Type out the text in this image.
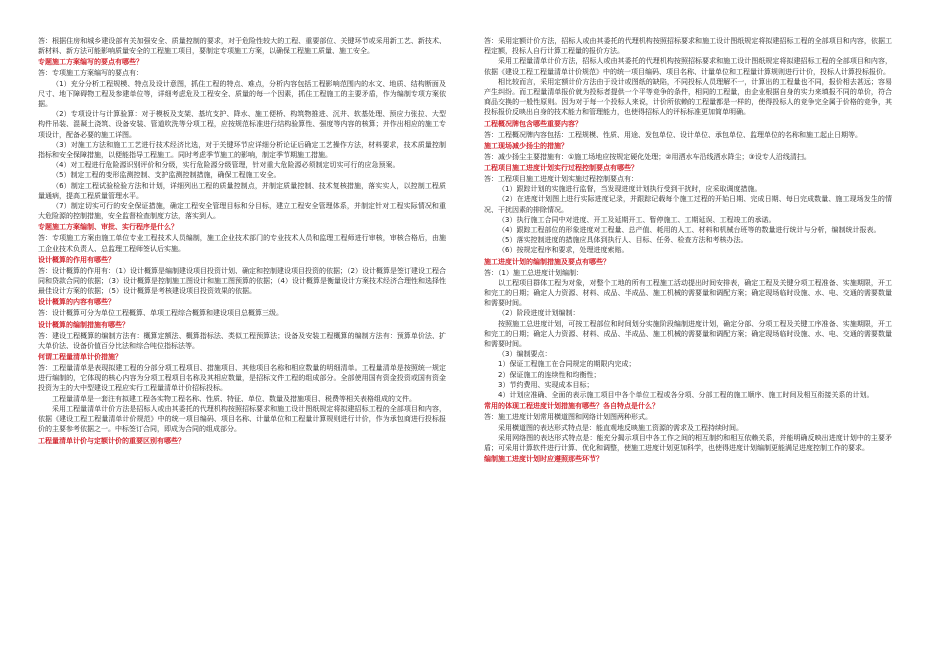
答：根据住房和城乡建设部有关加强安全、质量控制的要求，对于危险性较大的工程、重要部位、关键环节或采用新工艺、新技术、新材料、新方法可能影响质量安全的工程施工项目，要制定专项施工方案，以确保工程施工质量、施工安全。

专题施工方案编写的要点有哪些？

答：专项施工方案编写的要点有：

（1）充分分析工程规模、特点及设计意图，抓住工程的特点、难点，分析内容包括工程影响范围内的水文、地质、结构断面及尺寸、地下障碍物工程及参建单位等，详细考虑危及工程安全、质量的每一个因素，抓住工程施工的主要矛盾，作为编制专项方案依据。

（2）专项设计与计算验算：对于模板及支架、基坑支护、降水、施工便桥、构筑物推进、沉井、软基处理、预应力张拉、大型构件吊装、混凝土浇筑、设备安装、管道吹洗等分项工程，应按规范标准进行结构验算性、强度等内容的核算；并作出相应的施工专项设计，配备必要的施工详图。

（3）对施工方法和施工工艺进行技术经济比选，对于关键环节应详细分析论证后确定工艺操作方法，材料要求，技术质量控制指标和安全保障措施，以便能指导工程施工。同时考虑季节施工的影响，制定季节期施工措施。

（4）对工程进行危险源识别评价和分级，实行危险源分级管理，针对重大危险源必须制定切实可行的应急预案。

（5）制定工程的变形监测控制、支护监测控制措施，确保工程施工安全。

（6）制定工程试验检验方法和计划，详细列出工程的质量控制点，并制定质量控制、技术复核措施，落实实人，以控制工程质量通病，提高工程质量管理水平。

（7）制定切实可行的安全保证措施，确定工程安全管理目标和分目标，建立工程安全管理体系，并制定针对工程实际情况和重大危险源的控制措施，安全监督检查制度方法，落实到人。

专题施工方案编制、审批、实行程序是什么？

答：专项施工方案由施工单位专业工程技术人员编制，施工企业技术部门的专业技术人员和监理工程师进行审核，审核合格后，由施工企业技术负责人、总监理工程师签认后实施。

设计概算的作用有哪些？

答：设计概算的作用有：（1）设计概算是编制建设项目投资计划、确定和控制建设项目投资的依据；（2）设计概算是签订建设工程合同和贷款合同的依据；（3）设计概算是控制施工图设计和施工图预算的依据；（4）设计概算是衡量设计方案技术经济合理性和选择性最佳设计方案的依据；（5）设计概算是考核建设项目投资效果的依据。

设计概算的内容有哪些？

答：设计概算可分为单位工程概算、单项工程综合概算和建设项目总概算三级。

设计概算的编制措施有哪些？

答：建设工程概算的编制方法有：概算定额法、概算指标法、类似工程预算法；设备及安装工程概算的编制方法有：预算单价法、扩大单价法、设备价值百分比法和综合吨位指标法等。

何谓工程量清单计价措施？

答：工程量清单是表现拟建工程的分部分项工程项目、措施项目、其他项目名称和相应数量的明细清单。工程量清单是按照统一规定进行编制的，它体现的核心内容为分项工程项目名称及其相应数量，是招标文件工程的组成部分。全部使用国有资金投资或国有资金投资为主的大中型建设工程应实行工程量清单计价招标投标。

工程量清单是一套注有拟建工程各实物工程名称、性质、特征、单位、数量及措施项目、税费等相关表格组成的文件。

采用工程量清单计价方法是招标人或由其委托的代理机构按照招标要求和施工设计图纸规定将拟建招标工程的全部项目和内容，依据《建设工程工程量清单计价规范》中的统一项目编码、项目名称、计量单位和工程量计算规则进行计价，作为承包商进行投标报价的主要参考依据之一。中标签订合同，即成为合同的组成部分。

工程量清单计价与定额计价的重要区别有哪些？

答：采用定额计价方法，招标人或由其委托的代理机构按照招标要求和施工设计图纸规定将拟建招标工程的全部项目和内容，依据工程定额，投标人自行计算工程量的报价方法。

采用工程量清单计价方法，招标人或由其委托的代理机构按照招标要求和施工设计图纸规定将拟建招标工程的全部项目和内容，依据《建设工程工程量清单计价规范》中的统一项目编码、项目名称、计量单位和工程量计算规则进行计价，投标人计算投标报价。

相比较而言，采用定额计价方法由于设计或图纸的缺陷，不同投标人员理解不一，计算出的工程量也不同，报价相去甚远；容易产生纠纷。而工程量清单报价就为投标者提供一个平等竞争的条件，相同的工程量，由企业根据自身的实力来填报不同的单价，符合商品交换的一般性原则。因为对于每一个投标人来说，计价所依赖的工程量都是一样的，使得投标人的竞争完全属于价格的竞争，其投标报价反映出自身的技术能力和管理能力，也使得招标人的评标标准更加简单明确。

工程概况牌包含哪些重要内容？

答：工程概况牌内容包括：工程规模、性质、用途、发包单位、设计单位、承包单位、监理单位的名称和施工起止日期等。

施工现场减少扬尘的措施？

答：减少扬尘主要措施有：①施工场地应按规定硬化处理；②用洒水车沿线洒水降尘；③设专人沿线清扫。

工程项目施工进度计划实行过程控制要点有哪些？

答：工程项目施工进度计划实施过程控制要点有：

（1）跟踪计划的实施进行监督，当发现进度计划执行受到干扰时，应采取调度措施。

（2）在进度计划图上进行实际进度记录，并跟踪记载每个施工过程的开始日期、完成日期、每日完成数量、施工现场发生的情况、干扰因素的排除情况。

（3）执行施工合同中对进度、开工及延期开工、暂停施工、工期延误、工程竣工的承诺。

（4）跟踪工程部位的形象进度对工程量、总产值、耗用的人工、材料和机械台班等的数量进行统计与分析，编制统计报表。

（5）落实控制进度的措施应具体到执行人、目标、任务、检查方法和考核办法。

（6）按规定程序和要求，处理进度索赔。

施工进度计划的编制措施及要点有哪些？

答：（1）施工总进度计划编制：

以工程项目群体工程为对象，对整个工地的所有工程施工活动提出时间安排表，确定工程及关键分项工程准备、实施期限，开工和完工的日期；确定人力资源、材料、成品、半成品、施工机械的需要量和调配方案；确定现场临时设施、水、电、交通的需要数量和需要时间。

（2）阶段进度计划编制：

按照施工总进度计划，可按工程部位和时间划分实施阶段编制进度计划，确定分部、分项工程及关键工序准备、实施期限，开工和完工的日期；确定人力资源、材料、成品、半成品、施工机械的需要量和调配方案；确定现场临时设施、水、电、交通的需要数量和需要时间。

（3）编制要点：

1）保证工程施工在合同规定的期限内完成；

2）保证施工的连续性和均衡性；

3）节约费用、实现成本目标；

4）计划应准确、全面的表示施工项目中各个单位工程或各分项、分部工程的施工顺序、施工时间及相互衔接关系的计划。

常用的体现工程进度计划措施有哪些？各自特点是什么？

答：施工进度计划常用横道图和网络计划图两种形式。

采用横道图的表达形式特点是：能直观地反映施工资源的需求及工程持续时间。

采用网络图的表达形式特点是：能充分揭示项目中各工作之间的相互制约和相互依赖关系，并能明确反映出进度计划中的主要矛盾；可采用计算软件进行计算、优化和调整，使施工进度计划更加科学，也使得进度计划编制更能满足进度控制工作的要求。

编制施工进度计划时应遵照那些环节？
